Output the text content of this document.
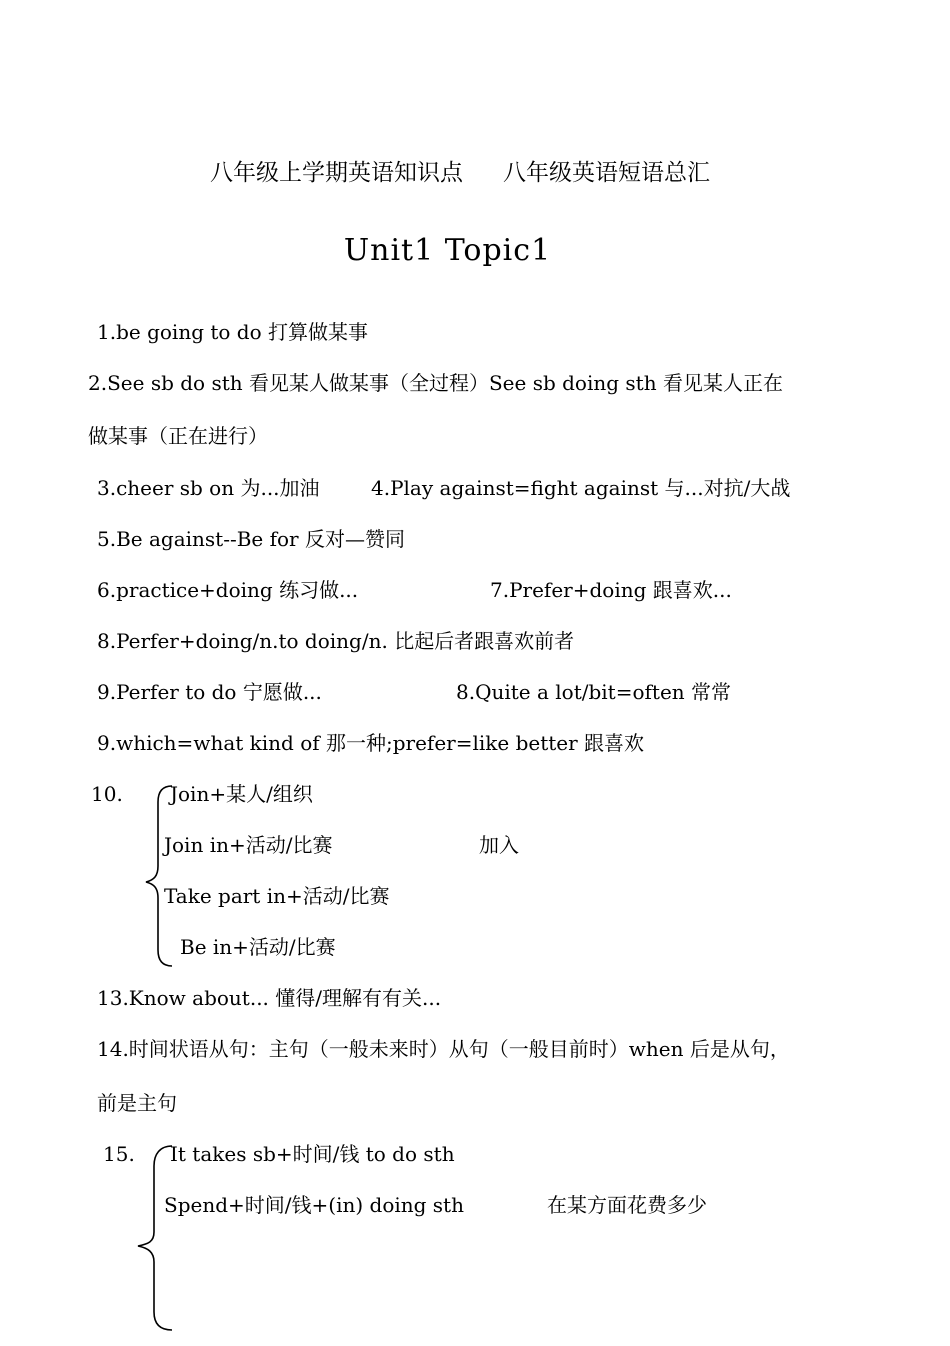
八年级上学期英语知识点 八年级英语短语总汇
Unit1 Topic1
1.be going to do 打算做某事
2.See sb do sth 看见某人做某事（全过程）See sb doing sth 看见某人正在
做某事（正在进行）
3.cheer sb on 为...加油	4.Play against=fight against 与...对抗/大战
5.Be against--Be for 反对—赞同
6.practice+doing 练习做...	7.Prefer+doing 跟喜欢...
8.Perfer+doing/n.to doing/n. 比起后者跟喜欢前者
9.Perfer to do 宁愿做...	8.Quite a lot/bit=often 常常
9.which=what kind of 那一种;prefer=like better 跟喜欢
10. Join+某人/组织
Join in+活动/比赛	加入
Take part in+活动/比赛
Be in+活动/比赛
13.Know about... 懂得/理解有有关...
14.时间状语从句：主句（一般未来时）从句（一般目前时）when 后是从句，
前是主句
15. It takes sb+时间/钱 to do sth
Spend+时间/钱+(in) doing sth	在某方面花费多少
